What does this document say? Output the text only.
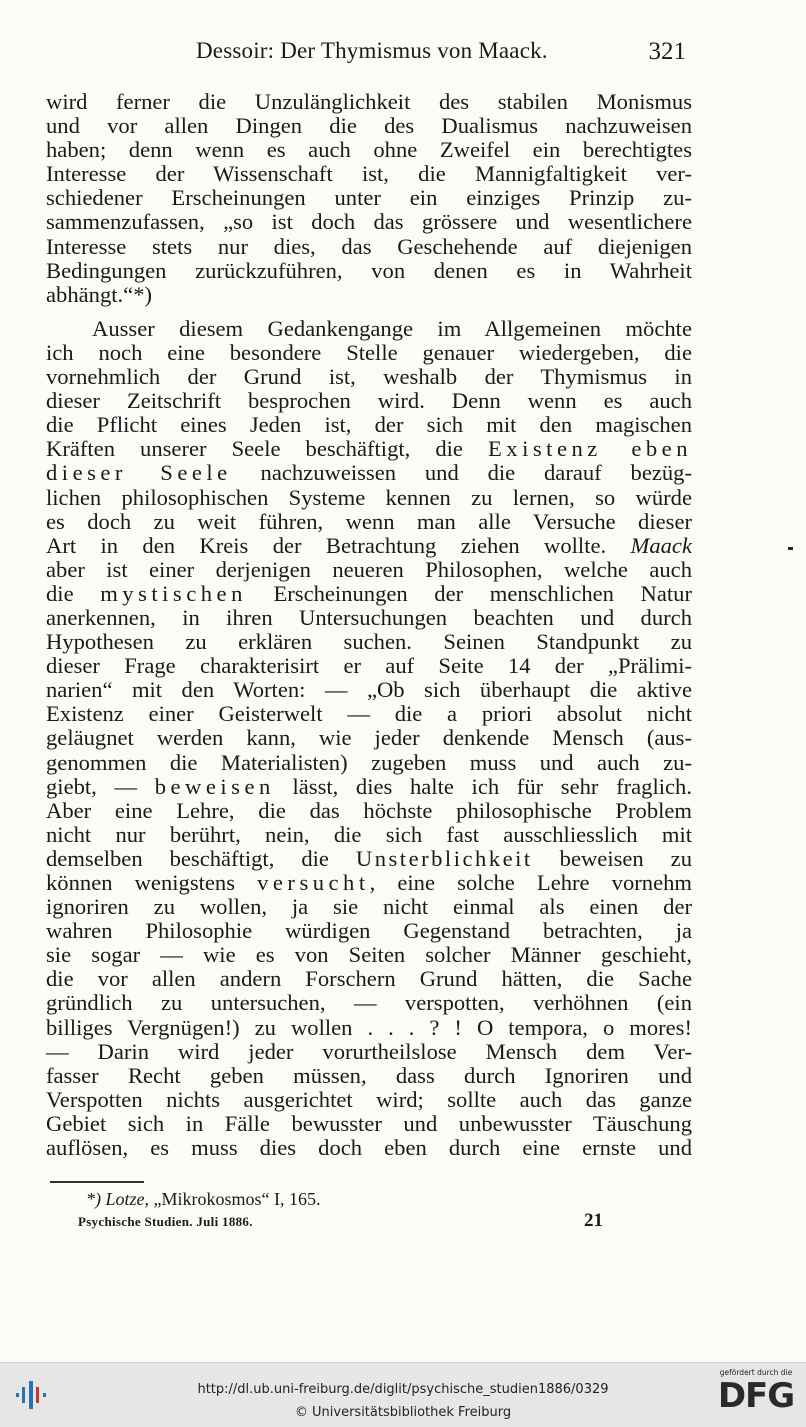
Dessoir: Der Thymismus von Maack.	321
wird ferner die Unzulänglichkeit des stabilen Monismus
und vor allen Dingen die des Dualismus nachzuweisen
haben; denn wenn es auch ohne Zweifel ein berechtigtes
Interesse der Wissenschaft ist, die Mannigfaltigkeit ver-
schiedener Erscheinungen unter ein einziges Prinzip zu-
sammenzufassen, „so ist doch das grössere und wesentlichere
Interesse stets nur dies, das Geschehende auf diejenigen
Bedingungen zurückzuführen, von denen es in Wahrheit
abhängt.“*)
Ausser diesem Gedankengange im Allgemeinen möchte
ich noch eine besondere Stelle genauer wiedergeben, die
vornehmlich der Grund ist, weshalb der Thymismus in
dieser Zeitschrift besprochen wird. Denn wenn es auch
die Pflicht eines Jeden ist, der sich mit den magischen
Kräften unserer Seele beschäftigt, die Existenz eben
dieser Seele nachzuweissen und die darauf bezüg-
lichen philosophischen Systeme kennen zu lernen, so würde
es doch zu weit führen, wenn man alle Versuche dieser
Art in den Kreis der Betrachtung ziehen wollte. Maack
aber ist einer derjenigen neueren Philosophen, welche auch
die mystischen Erscheinungen der menschlichen Natur
anerkennen, in ihren Untersuchungen beachten und durch
Hypothesen zu erklären suchen. Seinen Standpunkt zu
dieser Frage charakterisirt er auf Seite 14 der „Prälimi-
narien“ mit den Worten: — „Ob sich überhaupt die aktive
Existenz einer Geisterwelt — die a priori absolut nicht
geläugnet werden kann, wie jeder denkende Mensch (aus-
genommen die Materialisten) zugeben muss und auch zu-
giebt, — beweisen lässt, dies halte ich für sehr fraglich.
Aber eine Lehre, die das höchste philosophische Problem
nicht nur berührt, nein, die sich fast ausschliesslich mit
demselben beschäftigt, die Unsterblichkeit beweisen zu
können wenigstens versucht, eine solche Lehre vornehm
ignoriren zu wollen, ja sie nicht einmal als einen der
wahren Philosophie würdigen Gegenstand betrachten, ja
sie sogar — wie es von Seiten solcher Männer geschieht,
die vor allen andern Forschern Grund hätten, die Sache
gründlich zu untersuchen, — verspotten, verhöhnen (ein
billiges Vergnügen!) zu wollen . . . ? ! O tempora, o mores!
— Darin wird jeder vorurtheilslose Mensch dem Ver-
fasser Recht geben müssen, dass durch Ignoriren und
Verspotten nichts ausgerichtet wird; sollte auch das ganze
Gebiet sich in Fälle bewusster und unbewusster Täuschung
auflösen, es muss dies doch eben durch eine ernste und
*) Lotze, „Mikrokosmos“ I, 165.
Psychische Studien. Juli 1886.	21
http://dl.ub.uni-freiburg.de/diglit/psychische_studien1886/0329
© Universitätsbibliothek Freiburg
gefördert durch die
DFG
